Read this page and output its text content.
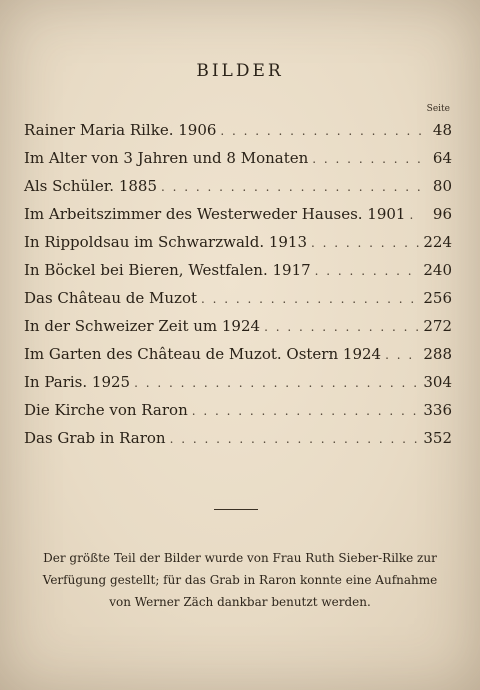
BILDER
Seite
Rainer Maria Rilke. 1906 . . .	48
Im Alter von 3 Jahren und 8 Monaten . . .	64
Als Schüler. 1885 . . .	80
Im Arbeitszimmer des Westerweder Hauses. 1901 . . .	96
In Rippoldsau im Schwarzwald. 1913 . . .	224
In Böckel bei Bieren, Westfalen. 1917 . . .	240
Das Château de Muzot . . .	256
In der Schweizer Zeit um 1924 . . .	272
Im Garten des Château de Muzot. Ostern 1924 . . .	288
In Paris. 1925 . . .	304
Die Kirche von Raron . . .	336
Das Grab in Raron . . .	352
Der größte Teil der Bilder wurde von Frau Ruth Sieber-Rilke zur
Verfügung gestellt; für das Grab in Raron konnte eine Aufnahme
von Werner Zäch dankbar benutzt werden.
